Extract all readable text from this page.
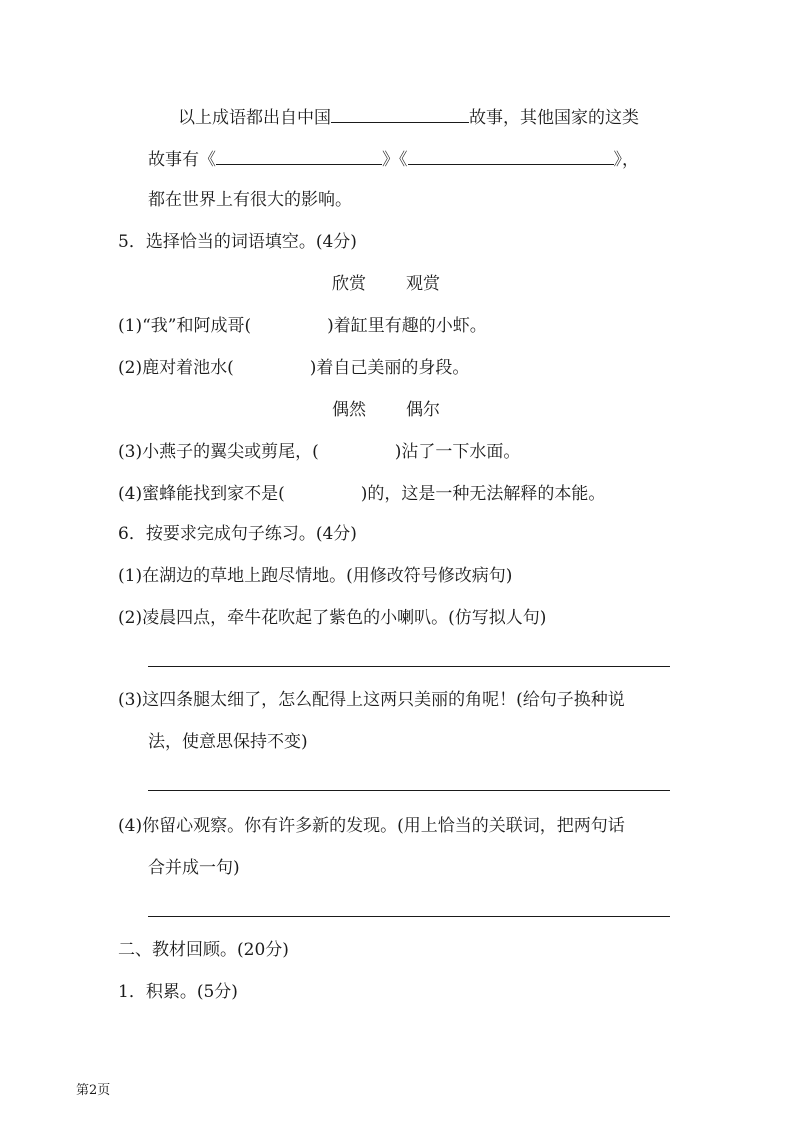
以上成语都出自中国	故事，其他国家的这类
故事有《	》《	》，
都在世界上有很大的影响。
5．选择恰当的词语填空。(4分)
欣赏 观赏
(1)“我”和阿成哥(	)着缸里有趣的小虾。
(2)鹿对着池水(	)着自己美丽的身段。
偶然 偶尔
(3)小燕子的翼尖或剪尾，(	)沾了一下水面。
(4)蜜蜂能找到家不是(	)的，这是一种无法解释的本能。
6．按要求完成句子练习。(4分)
(1)在湖边的草地上跑尽情地。(用修改符号修改病句)
(2)凌晨四点，牵牛花吹起了紫色的小喇叭。(仿写拟人句)
(3)这四条腿太细了，怎么配得上这两只美丽的角呢！(给句子换种说
法，使意思保持不变)
(4)你留心观察。你有许多新的发现。(用上恰当的关联词，把两句话
合并成一句)
二、教材回顾。(20分)
1．积累。(5分)
第2页
